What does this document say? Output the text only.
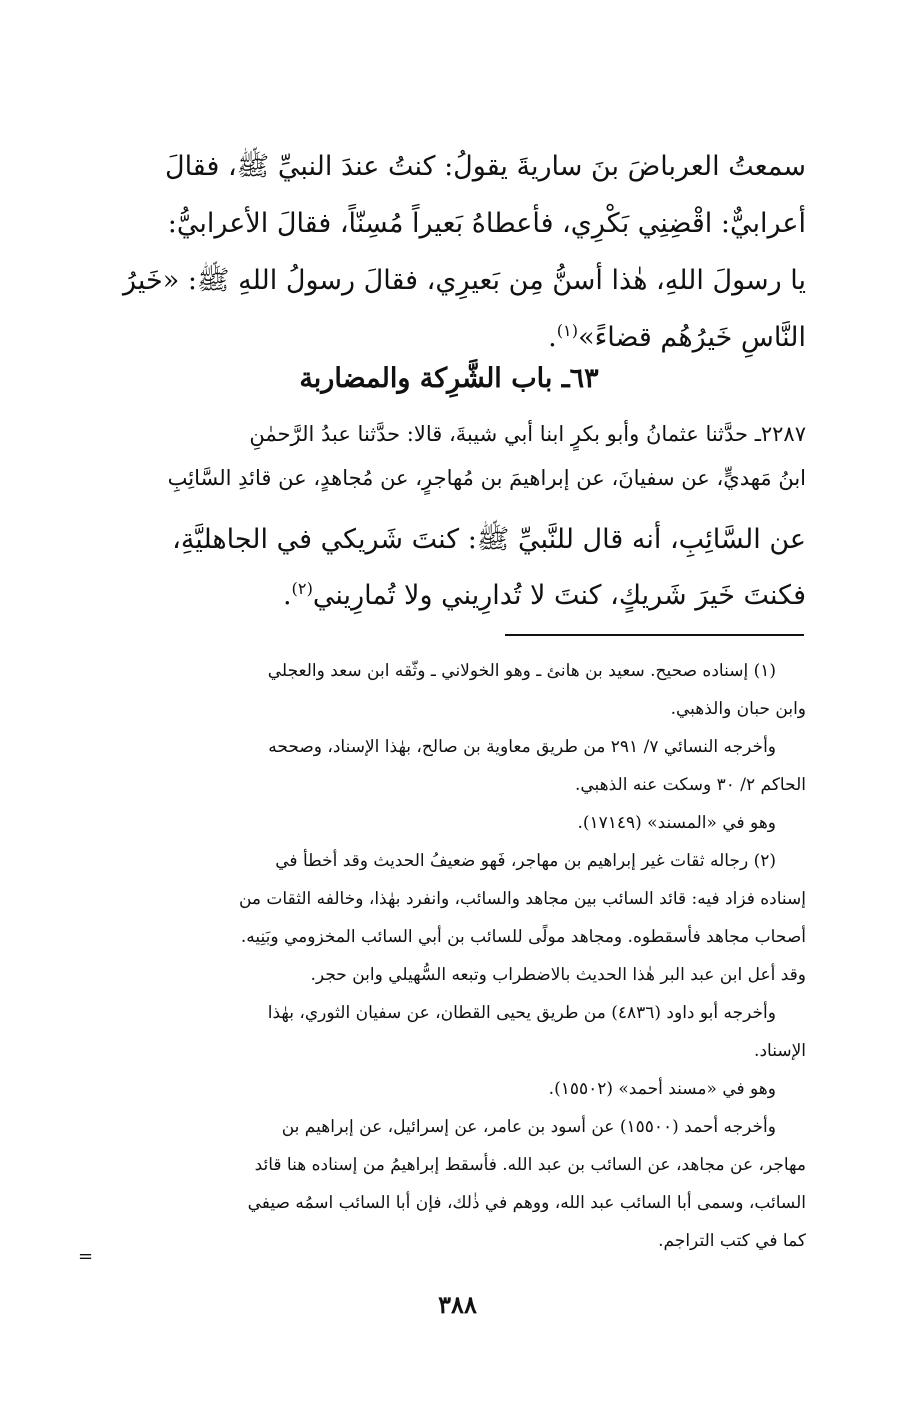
سمعتُ العرباضَ بنَ ساريةَ يقولُ: كنتُ عندَ النبيِّ ﷺ، فقالَ

أعرابيٌّ: اقْضِنِي بَكْرِي، فأعطاهُ بَعيراً مُسِنّاً، فقالَ الأعرابيُّ:

يا رسولَ اللهِ، هٰذا أسنُّ مِن بَعيرِي، فقالَ رسولُ اللهِ ﷺ: «خَيرُ

النَّاسِ خَيرُهُم قضاءً»$^{(١)}$.

٦٣ـ باب الشَّرِكة والمضاربة

٢٢٨٧ـ حدَّثنا عثمانُ وأبو بكرٍ ابنا أبي شيبةَ، قالا: حدَّثنا عبدُ الرَّحمٰنِ

ابنُ مَهديٍّ، عن سفيانَ، عن إبراهيمَ بن مُهاجرٍ، عن مُجاهدٍ، عن قائدِ السَّائِبِ

عن السَّائِبِ، أنه قال للنَّبيِّ ﷺ: كنتَ شَريكي في الجاهليَّةِ،

فكنتَ خَيرَ شَريكٍ، كنتَ لا تُدارِيني ولا تُمارِيني$^{(٢)}$.

(١) إسناده صحيح. سعيد بن هانئ ـ وهو الخولاني ـ وثّقه ابن سعد والعجلي

وابن حبان والذهبي.

وأخرجه النسائي ٧/ ٢٩١ من طريق معاوية بن صالح، بهٰذا الإسناد، وصححه

الحاكم ٢/ ٣٠ وسكت عنه الذهبي.

وهو في «المسند» (١٧١٤٩).

(٢) رجاله ثقات غير إبراهيم بن مهاجر، فَهو ضعيفُ الحديث وقد أخطأ في

إسناده فزاد فيه: قائد السائب بين مجاهد والسائب، وانفرد بهٰذا، وخالفه الثقات من

أصحاب مجاهد فأسقطوه. ومجاهد مولًى للسائب بن أبي السائب المخزومي وبَنِيه.

وقد أعل ابن عبد البر هٰذا الحديث بالاضطراب وتبعه السُّهيلي وابن حجر.

وأخرجه أبو داود (٤٨٣٦) من طريق يحيى القطان، عن سفيان الثوري، بهٰذا

الإسناد.

وهو في «مسند أحمد» (١٥٥٠٢).

وأخرجه أحمد (١٥٥٠٠) عن أسود بن عامر، عن إسرائيل، عن إبراهيم بن

مهاجر، عن مجاهد، عن السائب بن عبد الله. فأسقط إبراهيمُ من إسناده هنا قائد

السائب، وسمى أبا السائب عبد الله، ووهم في ذٰلك، فإن أبا السائب اسمُه صيفي

كما في كتب التراجم.

=
٣٨٨
